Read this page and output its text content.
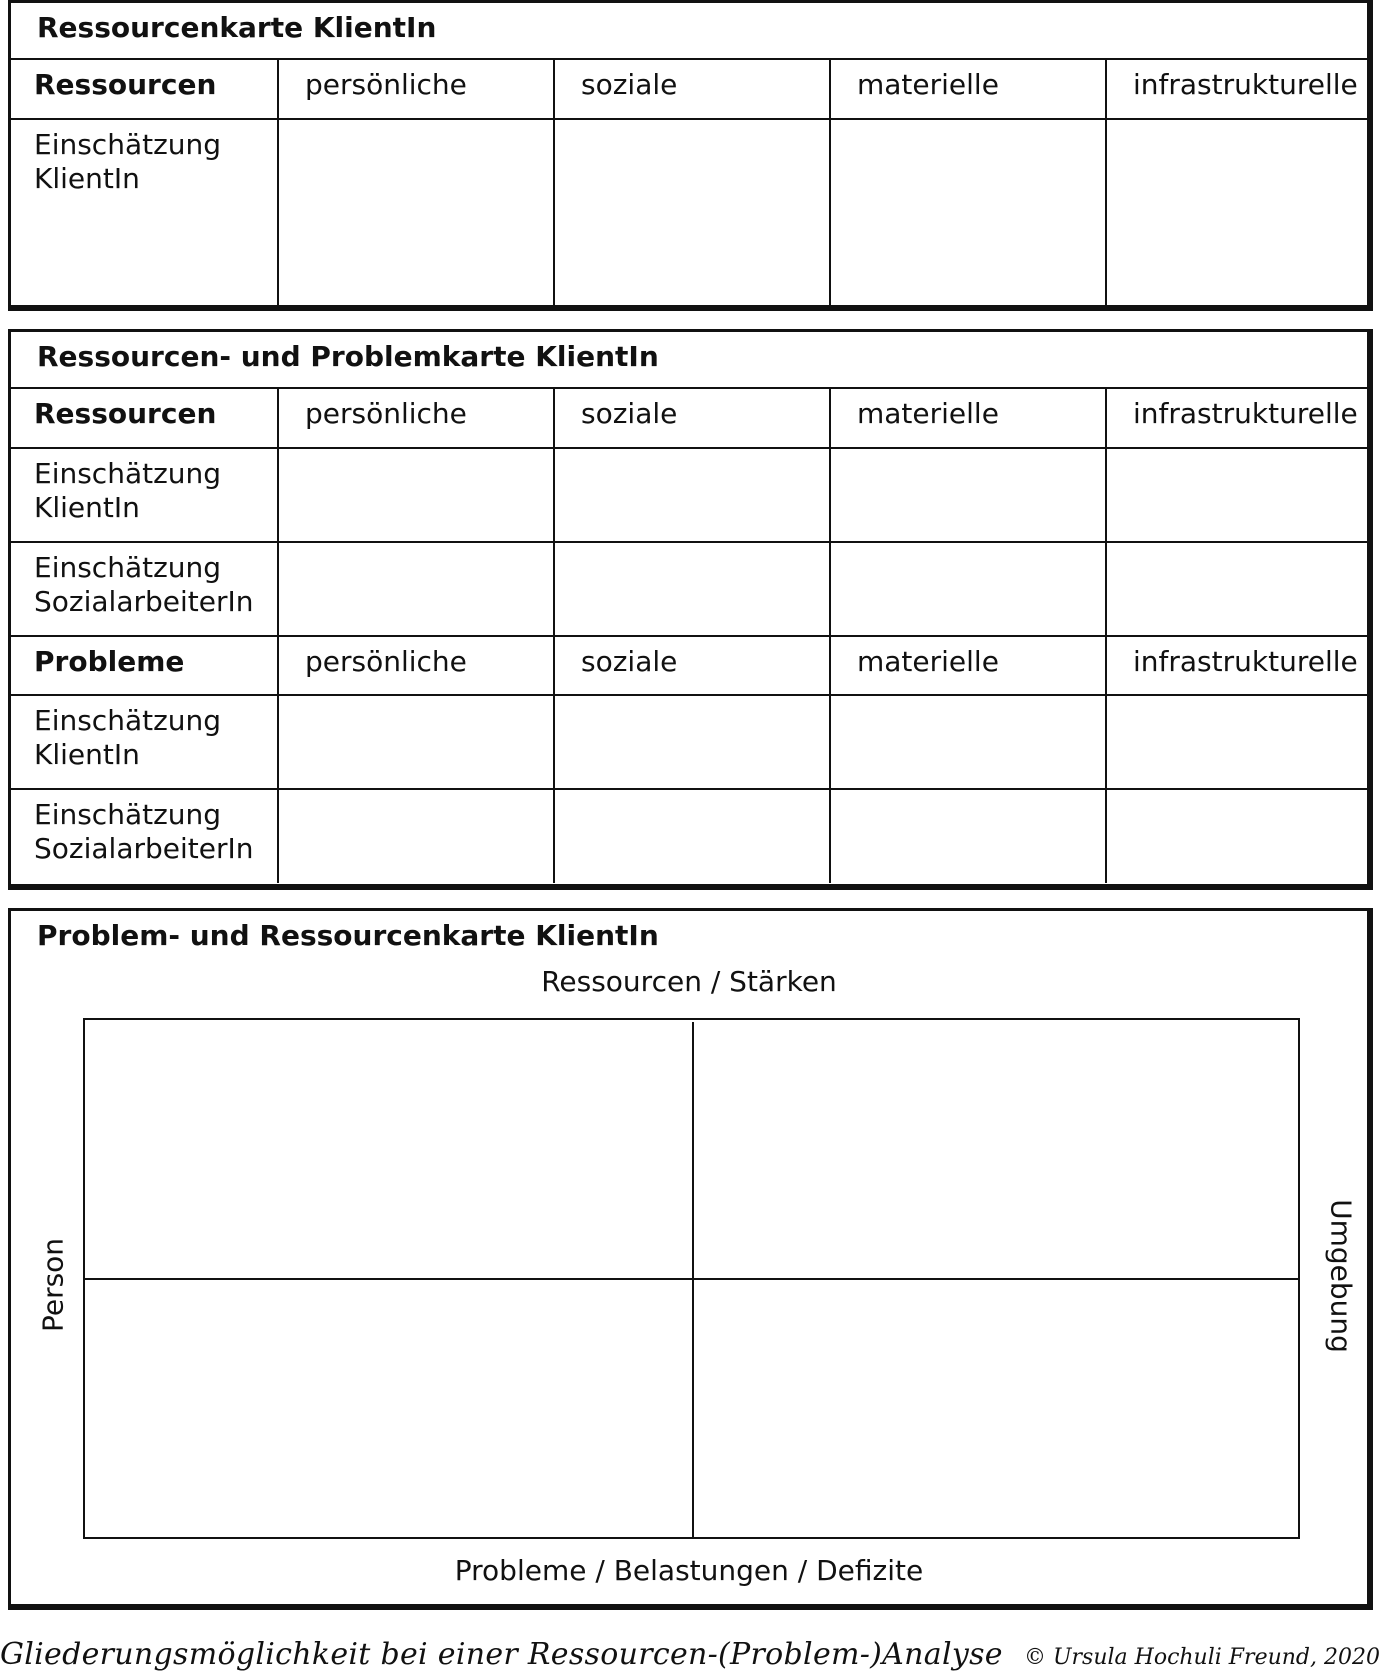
Ressourcenkarte KlientIn
Ressourcen	persönliche	soziale	materielle	infrastrukturelle

Einschätzung
KlientIn				

Ressourcen- und Problemkarte KlientIn
Ressourcen	persönliche	soziale	materielle	infrastrukturelle

Einschätzung
KlientIn				

Einschätzung
SozialarbeiterIn				

Probleme	persönliche	soziale	materielle	infrastrukturelle

Einschätzung
KlientIn				

Einschätzung
SozialarbeiterIn				

Problem- und Ressourcenkarte KlientIn
Ressourcen / Stärken
Person	Umgebung
Probleme / Belastungen / Defizite
Gliederungsmöglichkeit bei einer Ressourcen-(Problem-)Analyse © Ursula Hochuli Freund, 2020
